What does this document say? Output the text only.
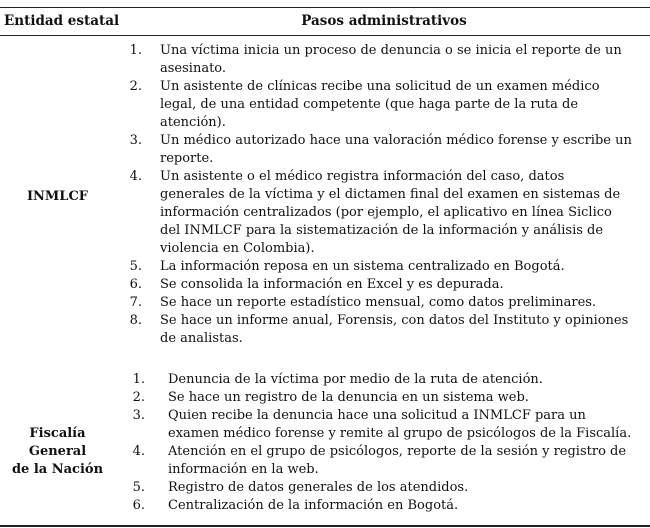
Entidad estatal	Pasos administrativos
INMLCF
Fiscalía General
de la Nación
1. Una víctima inicia un proceso de denuncia o se inicia el reporte de un
asesinato.
2. Un asistente de clínicas recibe una solicitud de un examen médico
legal, de una entidad competente (que haga parte de la ruta de
atención).
3. Un médico autorizado hace una valoración médico forense y escribe un
reporte.
4. Un asistente o el médico registra información del caso, datos
generales de la víctima y el dictamen final del examen en sistemas de
información centralizados (por ejemplo, el aplicativo en línea Siclico
del INMLCF para la sistematización de la información y análisis de
violencia en Colombia).
5. La información reposa en un sistema centralizado en Bogotá.
6. Se consolida la información en Excel y es depurada.
7. Se hace un reporte estadístico mensual, como datos preliminares.
8. Se hace un informe anual, Forensis, con datos del Instituto y opiniones
de analistas.
1. Denuncia de la víctima por medio de la ruta de atención.
2. Se hace un registro de la denuncia en un sistema web.
3. Quien recibe la denuncia hace una solicitud a INMLCF para un
examen médico forense y remite al grupo de psicólogos de la Fiscalía.
4. Atención en el grupo de psicólogos, reporte de la sesión y registro de
información en la web.
5. Registro de datos generales de los atendidos.
6. Centralización de la información en Bogotá.
